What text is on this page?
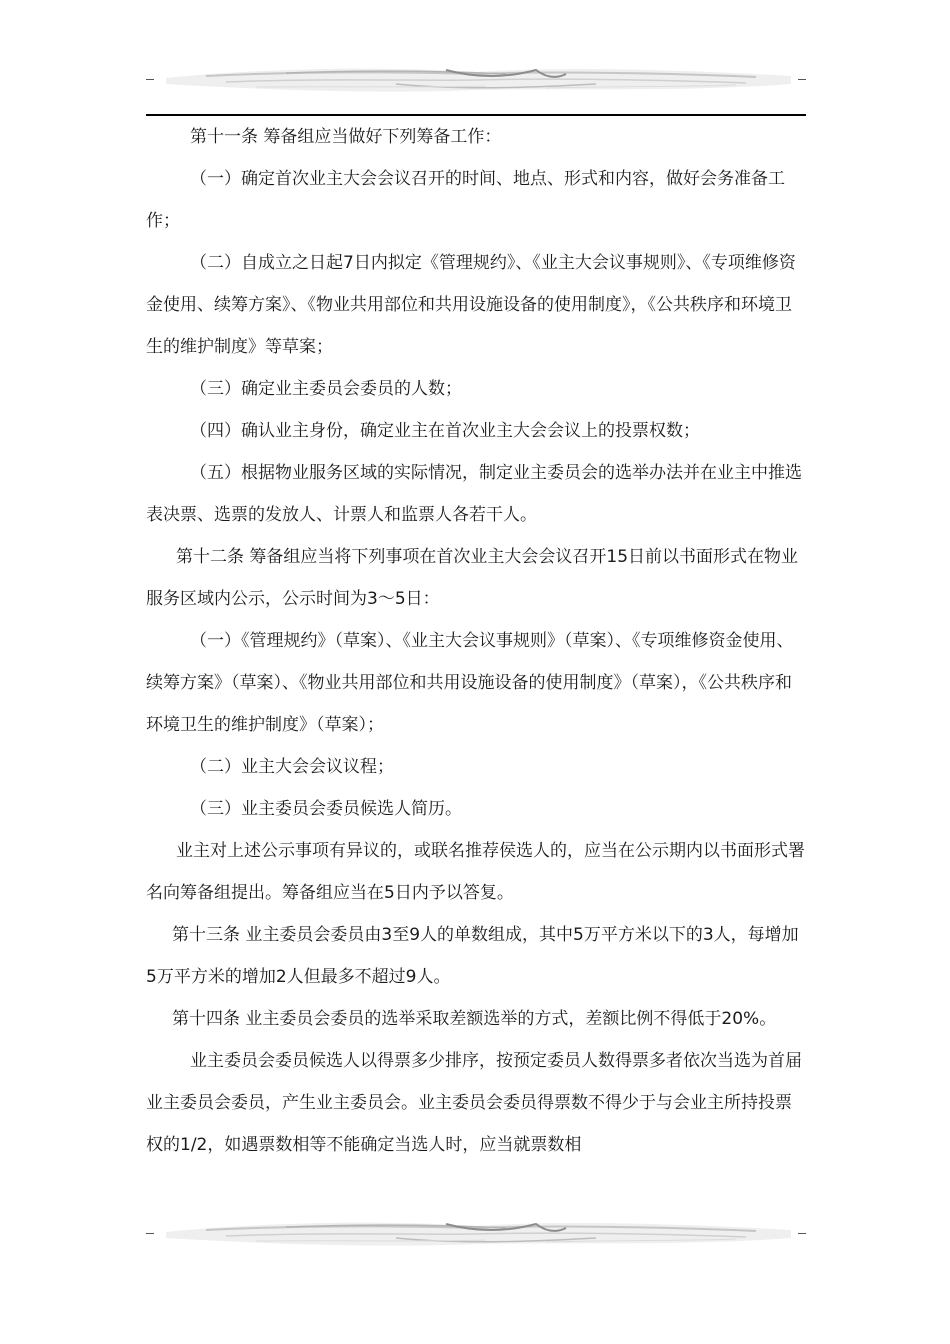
第十一条 筹备组应当做好下列筹备工作：

（一）确定首次业主大会会议召开的时间、地点、形式和内容，做好会务准备工作；

（二）自成立之日起7日内拟定《管理规约》、《业主大会议事规则》、《专项维修资金使用、续筹方案》、《物业共用部位和共用设施设备的使用制度》，《公共秩序和环境卫生的维护制度》等草案；

（三）确定业主委员会委员的人数；

（四）确认业主身份，确定业主在首次业主大会会议上的投票权数；

（五）根据物业服务区域的实际情况，制定业主委员会的选举办法并在业主中推选表决票、选票的发放人、计票人和监票人各若干人。

第十二条 筹备组应当将下列事项在首次业主大会会议召开15日前以书面形式在物业服务区域内公示，公示时间为3～5日：

（一）《管理规约》（草案）、《业主大会议事规则》（草案）、《专项维修资金使用、续筹方案》（草案）、《物业共用部位和共用设施设备的使用制度》（草案），《公共秩序和环境卫生的维护制度》（草案）；

（二）业主大会会议议程；

（三）业主委员会委员候选人简历。

业主对上述公示事项有异议的，或联名推荐侯选人的，应当在公示期内以书面形式署名向筹备组提出。筹备组应当在5日内予以答复。

第十三条 业主委员会委员由3至9人的单数组成，其中5万平方米以下的3人，每增加5万平方米的增加2人但最多不超过9人。

第十四条 业主委员会委员的选举采取差额选举的方式，差额比例不得低于20%。

业主委员会委员候选人以得票多少排序，按预定委员人数得票多者依次当选为首届业主委员会委员，产生业主委员会。业主委员会委员得票数不得少于与会业主所持投票权的1/2，如遇票数相等不能确定当选人时，应当就票数相
